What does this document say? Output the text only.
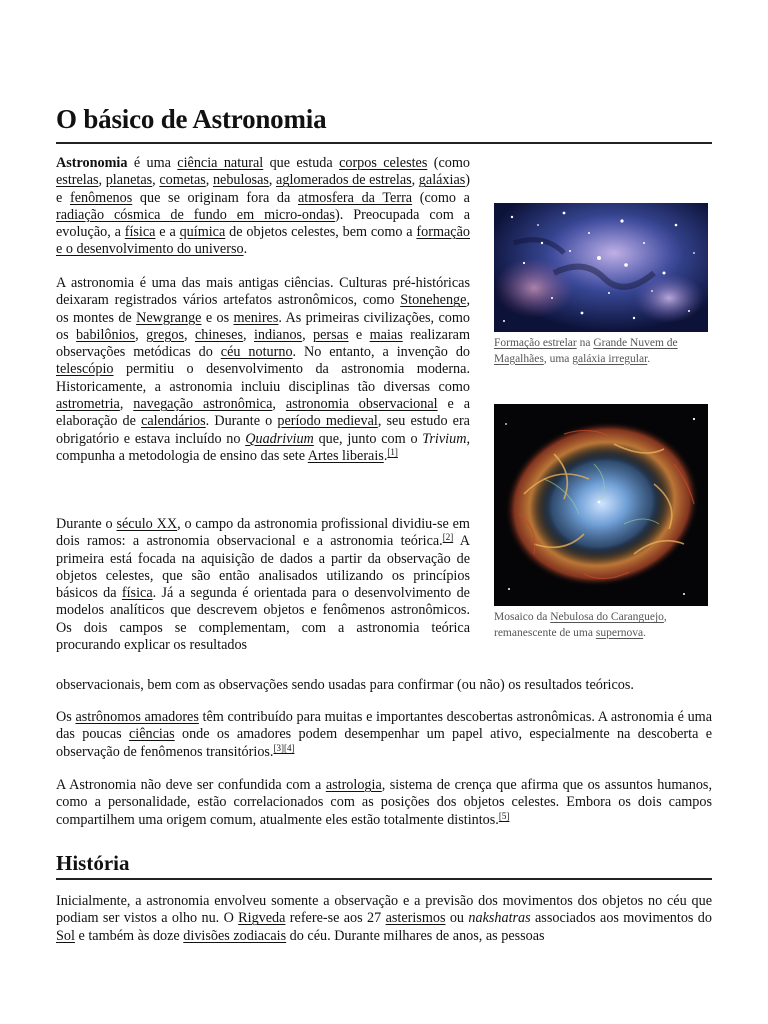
O básico de Astronomia

Astronomia é uma ciência natural que estuda corpos celestes (como estrelas, planetas, cometas, nebulosas, aglomerados de estrelas, galáxias) e fenômenos que se originam fora da atmosfera da Terra (como a radiação cósmica de fundo em micro-ondas). Preocupada com a evolução, a física e a química de objetos celestes, bem como a formação e o desenvolvimento do universo.

A astronomia é uma das mais antigas ciências. Culturas pré-históricas deixaram registrados vários artefatos astronômicos, como Stonehenge, os montes de Newgrange e os menires. As primeiras civilizações, como os babilônios, gregos, chineses, indianos, persas e maias realizaram observações metódicas do céu noturno. No entanto, a invenção do telescópio permitiu o desenvolvimento da astronomia moderna. Historicamente, a astronomia incluiu disciplinas tão diversas como astrometria, navegação astronômica, astronomia observacional e a elaboração de calendários. Durante o período medieval, seu estudo era obrigatório e estava incluído no Quadrivium que, junto com o Trivium, compunha a metodologia de ensino das sete Artes liberais.[1]

Durante o século XX, o campo da astronomia profissional dividiu-se em dois ramos: a astronomia observacional e a astronomia teórica.[2] A primeira está focada na aquisição de dados a partir da observação de objetos celestes, que são então analisados utilizando os princípios básicos da física. Já a segunda é orientada para o desenvolvimento de modelos analíticos que descrevem objetos e fenômenos astronômicos. Os dois campos se complementam, com a astronomia teórica procurando explicar os resultados

observacionais, bem com as observações sendo usadas para confirmar (ou não) os resultados teóricos.

Os astrônomos amadores têm contribuído para muitas e importantes descobertas astronômicas. A astronomia é uma das poucas ciências onde os amadores podem desempenhar um papel ativo, especialmente na descoberta e observação de fenômenos transitórios.[3][4]

A Astronomia não deve ser confundida com a astrologia, sistema de crença que afirma que os assuntos humanos, como a personalidade, estão correlacionados com as posições dos objetos celestes. Embora os dois campos compartilhem uma origem comum, atualmente eles estão totalmente distintos.[5]

História

Inicialmente, a astronomia envolveu somente a observação e a previsão dos movimentos dos objetos no céu que podiam ser vistos a olho nu. O Rigveda refere-se aos 27 asterismos ou nakshatras associados aos movimentos do Sol e também às doze divisões zodiacais do céu. Durante milhares de anos, as pessoas

Formação estrelar na Grande Nuvem de Magalhães, uma galáxia irregular.
Mosaico da Nebulosa do Caranguejo, remanescente de uma supernova.
